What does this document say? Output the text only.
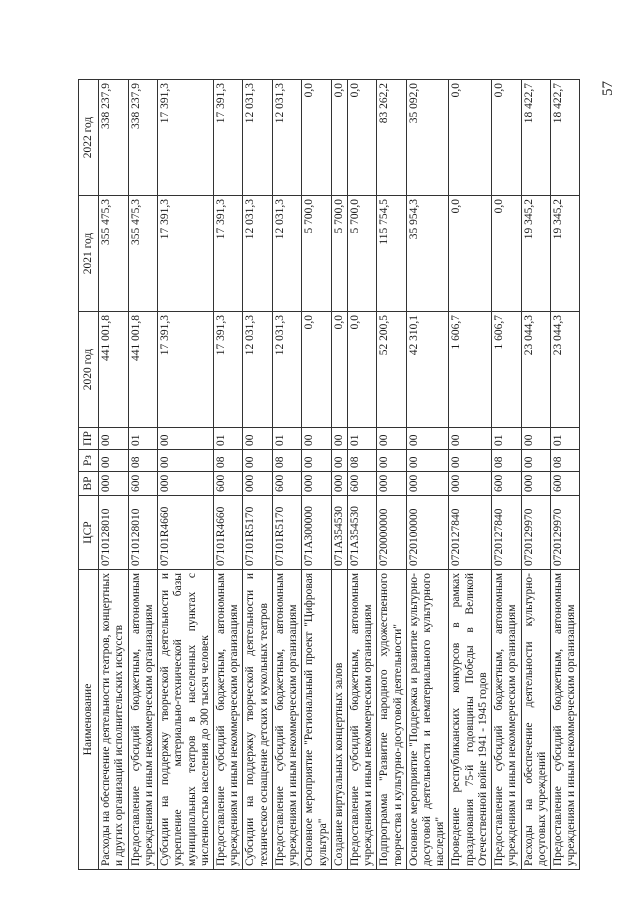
57
Наименование	ЦСР	ВР	Рз	ПР	2020 год	2021 год	2022 год
Расходы на обеспечение деятельности театров, концертных и других организаций исполнительских искусств	0710128010	000	00	00	441 001,8	355 475,3	338 237,9
Предоставление субсидий бюджетным, автономным учреждениям и иным некоммерческим организациям	0710128010	600	08	01	441 001,8	355 475,3	338 237,9
Субсидии на поддержку творческой деятельности и укрепление материально-технической базы муниципальных театров в населенных пунктах с численностью населения до 300 тысяч человек	07101R4660	000	00	00	17 391,3	17 391,3	17 391,3
Предоставление субсидий бюджетным, автономным учреждениям и иным некоммерческим организациям	07101R4660	600	08	01	17 391,3	17 391,3	17 391,3
Субсидии на поддержку творческой деятельности и техническое оснащение детских и кукольных театров	07101R5170	000	00	00	12 031,3	12 031,3	12 031,3
Предоставление субсидий бюджетным, автономным учреждениям и иным некоммерческим организациям	07101R5170	600	08	01	12 031,3	12 031,3	12 031,3
Основное мероприятие "Региональный проект "Цифровая культура"	071A300000	000	00	00	0,0	5 700,0	0,0
Создание виртуальных концертных залов	071A354530	000	00	00	0,0	5 700,0	0,0
Предоставление субсидий бюджетным, автономным учреждениям и иным некоммерческим организациям	071A354530	600	08	01	0,0	5 700,0	0,0
Подпрограмма "Развитие народного художественного творчества и культурно-досуговой деятельности"	0720000000	000	00	00	52 200,5	115 754,5	83 262,2
Основное мероприятие "Поддержка и развитие культурно-досуговой деятельности и нематериального культурного наследия"	0720100000	000	00	00	42 310,1	35 954,3	35 092,0
Проведение республиканских конкурсов в рамках празднования 75-й годовщины Победы в Великой Отечественной войне 1941 - 1945 годов	0720127840	000	00	00	1 606,7	0,0	0,0
Предоставление субсидий бюджетным, автономным учреждениям и иным некоммерческим организациям	0720127840	600	08	01	1 606,7	0,0	0,0
Расходы на обеспечение деятельности культурно-досуговых учреждений	0720129970	000	00	00	23 044,3	19 345,2	18 422,7
Предоставление субсидий бюджетным, автономным учреждениям и иным некоммерческим организациям	0720129970	600	08	01	23 044,3	19 345,2	18 422,7
